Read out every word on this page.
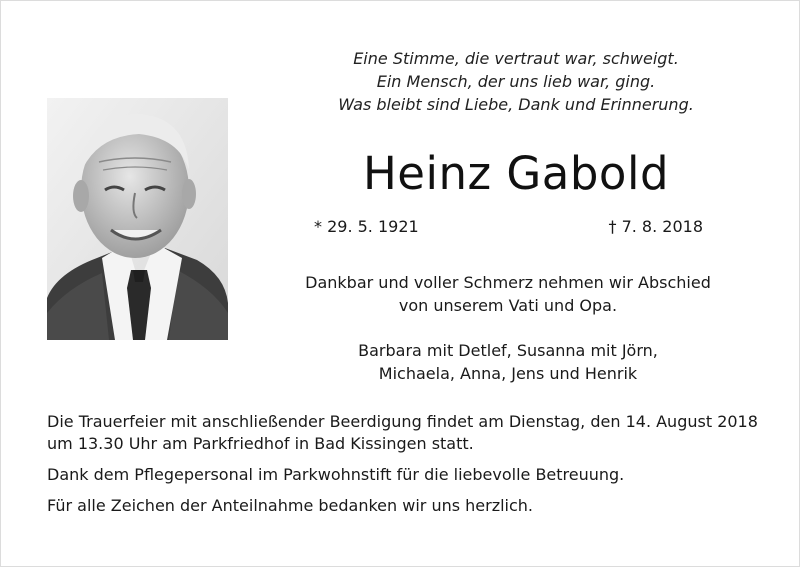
Eine Stimme, die vertraut war, schweigt.
Ein Mensch, der uns lieb war, ging.
Was bleibt sind Liebe, Dank und Erinnerung.
Heinz Gabold
* 29. 5. 1921	† 7. 8. 2018
Dankbar und voller Schmerz nehmen wir Abschied
von unserem Vati und Opa.
Barbara mit Detlef, Susanna mit Jörn,
Michaela, Anna, Jens und Henrik
Die Trauerfeier mit anschließender Beerdigung findet am Dienstag, den 14. August 2018
um 13.30 Uhr am Parkfriedhof in Bad Kissingen statt.
Dank dem Pflegepersonal im Parkwohnstift für die liebevolle Betreuung.
Für alle Zeichen der Anteilnahme bedanken wir uns herzlich.
